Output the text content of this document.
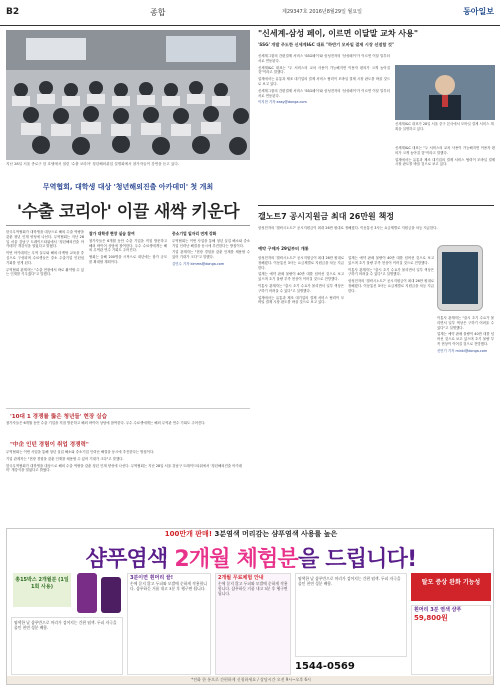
B2	종합	제29347호 2016년8월29일 월요일	동아일보
지난 28일 서울 종로구 한 호텔에서 열린 '수출 코리아' 청년해외취업 설명회에서 참가자들이 강연을 듣고 있다.
무역협회, 대학생 대상 '청년해외진출 아카데미' 첫 개최
'수출 코리아' 이끌 새싹 키운다
한국무역협회가 대학생을 대상으로 해외 수출 역량을 갖춘 청년 인재 양성에 나선다. 무역협회는 지난 28일 서울 강남구 트레이드타워에서 '청년해외진출 아카데미' 개강식을 열었다고 밝혔다.
이번 아카데미는 무역 실무와 해외 마케팅 교육을 중심으로 구성되며 수료생들은 중소 수출기업 인턴십 기회를 얻게 된다.
무역협회 관계자는 "수출 현장에서 바로 활약할 수 있는 인재를 키우겠다"고 말했다.
참가 대학생 현장 실습 참여
참가자들은 6개월 동안 수출 기업을 직접 방문하고 해외 바이어 상담에 참여한다. 우수 수료생에게는 해외 무역관 연수 기회도 주어진다.
협회는 올해 200명을 시작으로 내년에는 참가 규모를 확대할 계획이다.
중소기업 일자리 연계 강화
무역협회는 이번 사업을 통해 청년 실업 해소와 중소기업 인력난 해결을 동시에 추진한다는 방침이다.
기업 관계자는 "현장 경험을 갖춘 인재를 채용할 수 있어 기대가 크다"고 말했다.
김민수 기자 kimms@donga.com
'10대 1 경쟁률 뚫은 청년들' 현장 실습
참가자들은 6개월 동안 수출 기업을 직접 방문하고 해외 바이어 상담에 참여한다. 우수 수료생에게는 해외 무역관 연수 기회도 주어진다.
"中企 인턴 경험이 취업 경쟁력"
무역협회는 이번 사업을 통해 청년 실업 해소와 중소기업 인력난 해결을 동시에 추진한다는 방침이다.
기업 관계자는 "현장 경험을 갖춘 인재를 채용할 수 있어 기대가 크다"고 말했다.
한국무역협회가 대학생을 대상으로 해외 수출 역량을 갖춘 청년 인재 양성에 나선다. 무역협회는 지난 28일 서울 강남구 트레이드타워에서 '청년해외진출 아카데미' 개강식을 열었다고 밝혔다.
"신세계-삼성 페이, 이르면 이달말 교차 사용"
'SSG' 개발 주도한 신세계I&C 대표 "하반기 모바일 결제 시장 선점할 것"
신세계그룹의 간편결제 서비스 'SSG페이'와 삼성전자의 '삼성페이'가 이르면 이달 말부터 서로 연동된다.
신세계I&C 대표는 "두 서비스의 교차 사용이 가능해지면 이용자 편의가 크게 높아질 것"이라고 말했다.
업계에서는 유통과 제조 대기업의 결제 서비스 협력이 모바일 결제 시장 판도를 바꿀 것으로 보고 있다.
신세계그룹의 간편결제 서비스 'SSG페이'와 삼성전자의 '삼성페이'가 이르면 이달 말부터 서로 연동된다.
이지현 기자 easy@donga.com
신세계I&C 대표가 28일 서울 중구 본사에서 모바일 결제 서비스 계획을 설명하고 있다.
신세계I&C 대표는 "두 서비스의 교차 사용이 가능해지면 이용자 편의가 크게 높아질 것"이라고 말했다.
업계에서는 유통과 제조 대기업의 결제 서비스 협력이 모바일 결제 시장 판도를 바꿀 것으로 보고 있다.
갤노트7 공시지원금 최대 26만원 책정
삼성전자의 '갤럭시노트7' 공시지원금이 최대 26만 원대로 정해졌다. 이동통신 3사는 요금제별로 지원금을 차등 지급한다.
예약 구매자 29일부터 개통
삼성전자의 '갤럭시노트7' 공시지원금이 최대 26만 원대로 정해졌다. 이동통신 3사는 요금제별로 지원금을 차등 지급한다.
업계는 예약 판매 물량이 40만 대를 넘어선 것으로 보고 있으며 초기 물량 부족 현상이 이어질 것으로 전망했다.
이통사 관계자는 "출시 초기 수요가 몰리면서 일부 색상은 구하기 어려울 수 있다"고 설명했다.
업계에서는 유통과 제조 대기업의 결제 서비스 협력이 모바일 결제 시장 판도를 바꿀 것으로 보고 있다.
업계는 예약 판매 물량이 40만 대를 넘어선 것으로 보고 있으며 초기 물량 부족 현상이 이어질 것으로 전망했다.
이통사 관계자는 "출시 초기 수요가 몰리면서 일부 색상은 구하기 어려울 수 있다"고 설명했다.
삼성전자의 '갤럭시노트7' 공시지원금이 최대 26만 원대로 정해졌다. 이동통신 3사는 요금제별로 지원금을 차등 지급한다.
이통사 관계자는 "출시 초기 수요가 몰리면서 일부 색상은 구하기 어려울 수 있다"고 설명했다.
업계는 예약 판매 물량이 40만 대를 넘어선 것으로 보고 있으며 초기 물량 부족 현상이 이어질 것으로 전망했다.
신민기 기자 minki@donga.com
100만개 판매! 3분염색 머리감는 샴푸염색 사용률 높은
샴푸염색 2개월 체험분을 드립니다!
총15박스 2개월분 (1일 1회 사용)
염색한 날 샴푸만으로 머리가 검어지는 간편 염색. 두피 자극을 줄인 천연 성분 배합.
3분이면 흰머리 끝!
손에 묻지 않고 두피와 모발에 순하게 작용합니다. 샴푸하듯 거품 내고 3분 후 헹구면 됩니다.
2개월 무료체험 안내
손에 묻지 않고 두피와 모발에 순하게 작용합니다. 샴푸하듯 거품 내고 3분 후 헹구면 됩니다.
염색한 날 샴푸만으로 머리가 검어지는 간편 염색. 두피 자극을 줄인 천연 성분 배합.
1544-0569
탈모 증상 완화 기능성
흰머리 3분 염색 샴푸
59,800원
*전화 한 통으로 간편하게 신청하세요 / 상담시간 오전 9시~오후 6시
